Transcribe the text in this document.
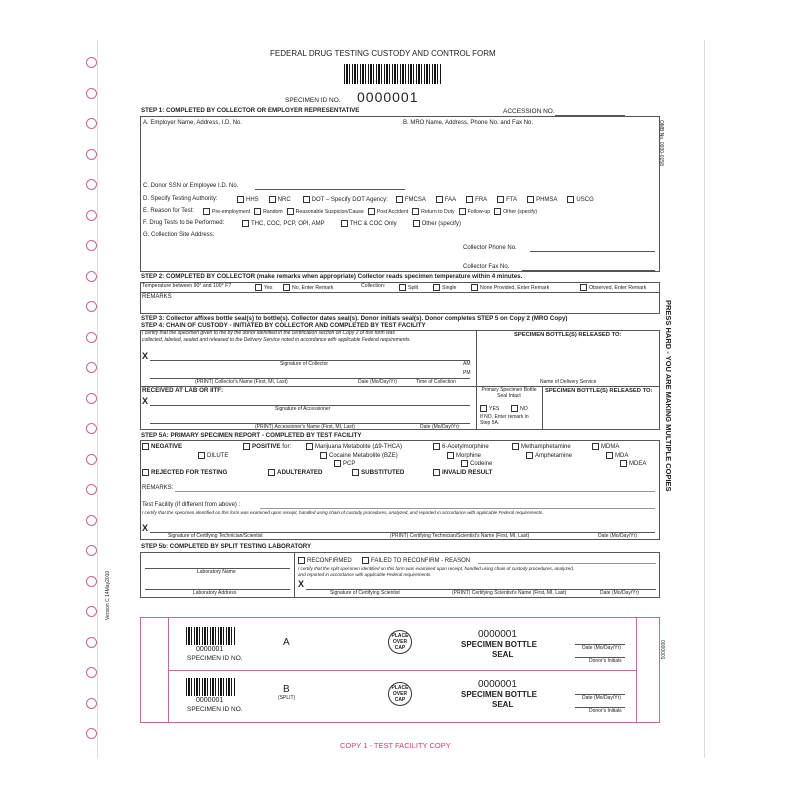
FEDERAL DRUG TESTING CUSTODY AND CONTROL FORM
SPECIMEN ID NO. 0000001
ACCESSION NO.
STEP 1: COMPLETED BY COLLECTOR OR EMPLOYER REPRESENTATIVE
A. Employer Name, Address, I.D. No.	B. MRO Name, Address, Phone No. and Fax No.	OMB No. 0930-0158
C. Donor SSN or Employee I.D. No.
D. Specify Testing Authority:	HHS	NRC	DOT – Specify DOT Agency:	FMCSA	FAA	FRA	FTA	PHMSA	USCG
E. Reason for Test:	Pre-employment	Random	Reasonable Suspicion/Cause	Post Accident	Return to Duty	Follow-up	Other (specify)
F. Drug Tests to be Performed:	THC, COC, PCP, OPI, AMP	THC & COC Only	Other (specify)
G. Collection Site Address:
Collector Phone No.
Collector Fax No.
STEP 2: COMPLETED BY COLLECTOR (make remarks when appropriate) Collector reads specimen temperature within 4 minutes.
Temperature between 90° and 100° F?	Yes	No, Enter Remark	Collection:	Split	Single	None Provided, Enter Remark	Observed, Enter Remark
REMARKS
STEP 3: Collector affixes bottle seal(s) to bottle(s). Collector dates seal(s). Donor initials seal(s). Donor completes STEP 5 on Copy 2 (MRO Copy)
STEP 4: CHAIN OF CUSTODY - INITIATED BY COLLECTOR AND COMPLETED BY TEST FACILITY
I certify that the specimen given to me by the donor identified in the certification section on Copy 2 of this form was
collected, labeled, sealed and released to the Delivery Service noted in accordance with applicable Federal requirements.
X
Signature of Collector	AM
PM
(PRINT) Collector's Name (First, MI, Last)	Date (Mo/Day/Yr)	Time of Collection
SPECIMEN BOTTLE(S) RELEASED TO:
Name of Delivery Service
RECEIVED AT LAB OR IITF:
X
Signature of Accessioner
(PRINT) Accessioner's Name (First, MI, Last)	Date (Mo/Day/Yr)
Primary Specimen Bottle Seal Intact
YES	NO
If NO, Enter remark in Step 5A.
SPECIMEN BOTTLE(S) RELEASED TO:
STEP 5A: PRIMARY SPECIMEN REPORT - COMPLETED BY TEST FACILITY
NEGATIVE	POSITIVE for:
DILUTE
Marijuana Metabolite (Δ9-THCA)
Cocaine Metabolite (BZE)
PCP
6-Acetylmorphine
Morphine
Codeine
Methamphetamine
Amphetamine
MDMA
MDA
MDEA
REJECTED FOR TESTING	ADULTERATED	SUBSTITUTED	INVALID RESULT
REMARKS:
Test Facility (if different from above) :
I certify that the specimen identified on this form was examined upon receipt, handled using chain of custody procedures, analyzed, and reported in accordance with applicable Federal requirements.
X
Signature of Certifying Technician/Scientist	(PRINT) Certifying Technician/Scientist's Name (First, MI, Last)	Date (Mo/Day/Yr)
STEP 5b: COMPLETED BY SPLIT TESTING LABORATORY
Laboratory Name
Laboratory Address
RECONFIRMED	FAILED TO RECONFIRM - REASON
I certify that the split specimen identified on this form was examined upon receipt, handled using chain of custody procedures, analyzed,
and reported in accordance with applicable Federal requirements.
X
Signature of Certifying Scientist	(PRINT) Certifying Scientist's Name (First, MI, Last)	Date (Mo/Day/Yr)
0000001
SPECIMEN ID NO.
A
PLACE
OVER
CAP
0000001
SPECIMEN BOTTLE
SEAL
Date (Mo/Day/Yr)
Donor's Initials
0000001
SPECIMEN ID NO.
B
(SPLIT)
PLACE
OVER
CAP
0000001
SPECIMEN BOTTLE
SEAL
Date (Mo/Day/Yr)
Donor's Initials
COPY 1 - TEST FACILITY COPY
PRESS HARD - YOU ARE MAKING MULTIPLE COPIES
Version C 14May2010
0000001
